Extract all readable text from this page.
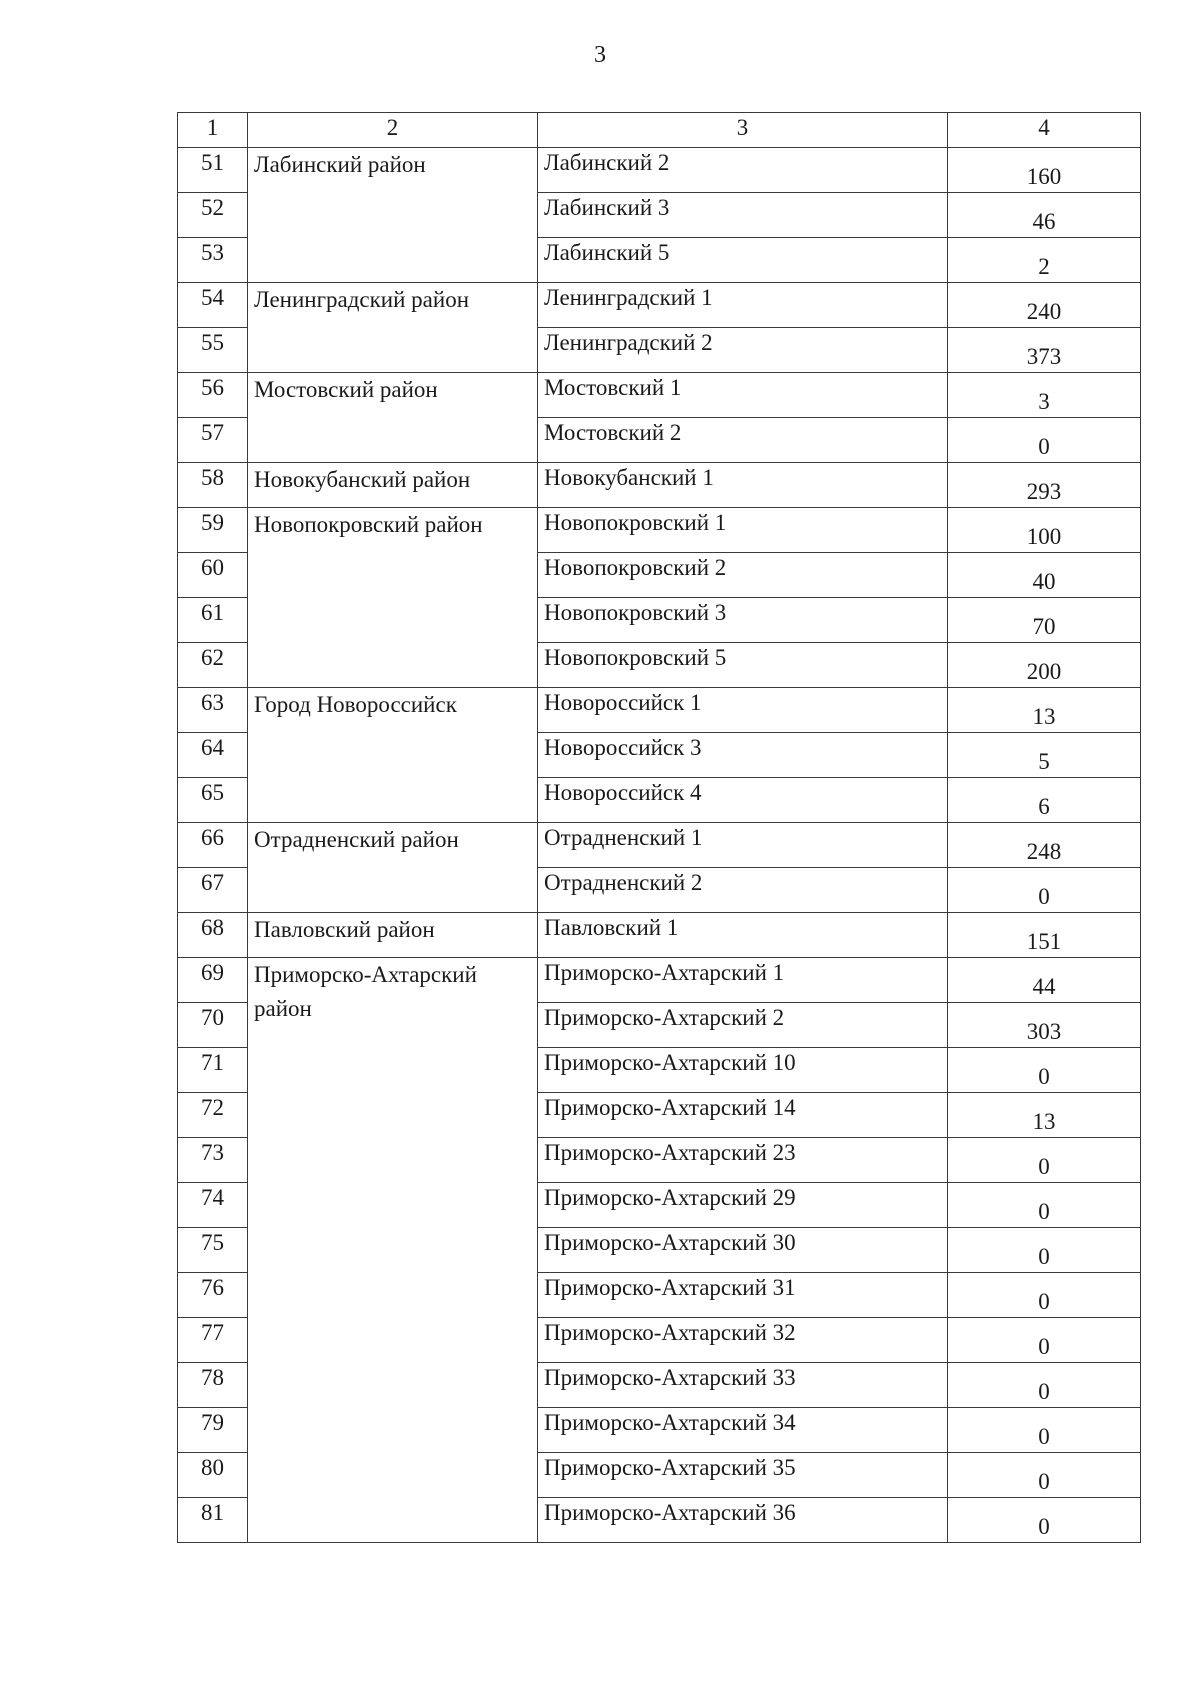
3
1	2	3	4
51	Лабинский район	Лабинский 2	160
52		Лабинский 3	46
53		Лабинский 5	2
54	Ленинградский район	Ленинградский 1	240
55		Ленинградский 2	373
56	Мостовский район	Мостовский 1	3
57		Мостовский 2	0
58	Новокубанский район	Новокубанский 1	293
59	Новопокровский район	Новопокровский 1	100
60		Новопокровский 2	40
61		Новопокровский 3	70
62		Новопокровский 5	200
63	Город Новороссийск	Новороссийск 1	13
64		Новороссийск 3	5
65		Новороссийск 4	6
66	Отрадненский район	Отрадненский 1	248
67		Отрадненский 2	0
68	Павловский район	Павловский 1	151
69	Приморско-Ахтарский район	Приморско-Ахтарский 1	44
70		Приморско-Ахтарский 2	303
71		Приморско-Ахтарский 10	0
72		Приморско-Ахтарский 14	13
73		Приморско-Ахтарский 23	0
74		Приморско-Ахтарский 29	0
75		Приморско-Ахтарский 30	0
76		Приморско-Ахтарский 31	0
77		Приморско-Ахтарский 32	0
78		Приморско-Ахтарский 33	0
79		Приморско-Ахтарский 34	0
80		Приморско-Ахтарский 35	0
81		Приморско-Ахтарский 36	0
